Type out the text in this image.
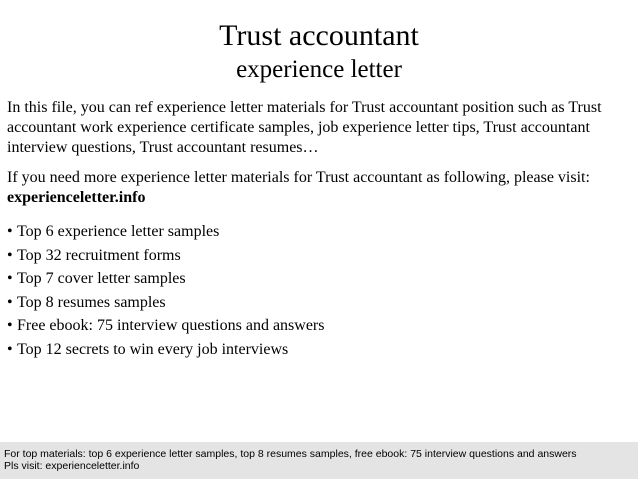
Trust accountant
experience letter

In this file, you can ref experience letter materials for Trust accountant position such as Trust accountant work experience certificate samples, job experience letter tips, Trust accountant interview questions, Trust accountant resumes…

If you need more experience letter materials for Trust accountant as following, please visit:  experienceletter.info

• Top 6 experience letter samples
• Top 32 recruitment forms
• Top 7 cover letter samples
• Top 8 resumes samples
• Free ebook: 75 interview questions and answers
• Top 12 secrets to win every job interviews
For top materials: top 6 experience letter samples, top 8 resumes samples, free ebook: 75 interview questions and answers
Pls visit: experienceletter.info
